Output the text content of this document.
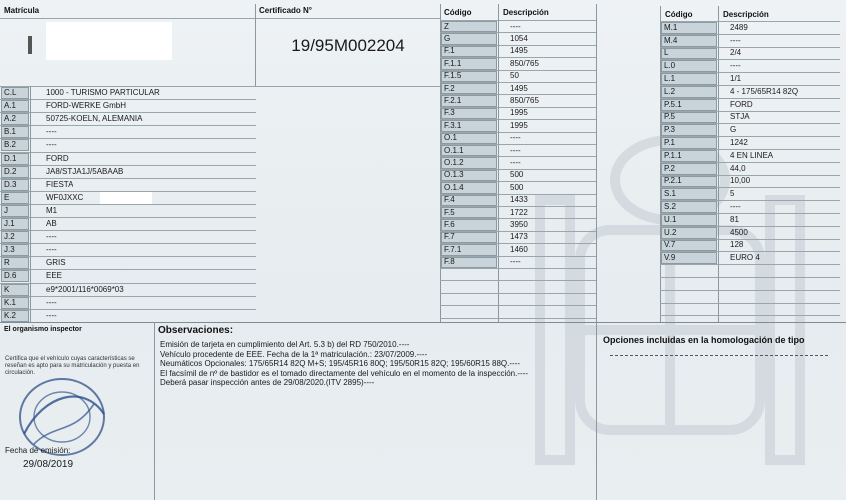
Matrícula	Certificado N°
19/95M002204
C.L	1000 - TURISMO PARTICULAR
A.1	FORD-WERKE GmbH
A.2	50725-KOELN, ALEMANIA
B.1	----
B.2	----
D.1	FORD
D.2	JA8/STJA1J/5ABAAB
D.3	FIESTA
E	WF0JXXC
J	M1
J.1	AB
J.2	----
J.3	----
R	GRIS
D.6	EEE
K	e9*2001/116*0069*03
K.1	----
K.2	----
Código	Descripción
Z	----
G	1054
F.1	1495
F.1.1	850/765
F.1.5	50
F.2	1495
F.2.1	850/765
F.3	1995
F.3.1	1995
O.1	----
O.1.1	----
O.1.2	----
O.1.3	500
O.1.4	500
F.4	1433
F.5	1722
F.6	3950
F.7	1473
F.7.1	1460
F.8	----
Código	Descripción
M.1	2489
M.4	----
L	2/4
L.0	----
L.1	1/1
L.2	4 - 175/65R14 82Q
P.5.1	FORD
P.5	STJA
P.3	G
P.1	1242
P.1.1	4 EN LINEA
P.2	44,0
P.2.1	10,00
S.1	5
S.2	----
U.1	81
U.2	4500
V.7	128
V.9	EURO 4
El organismo inspector
Certifica que el vehículo cuyas características se reseñan es apto para su matriculación y puesta en circulación.
Fecha de emisión:
29/08/2019
Observaciones:
Emisión de tarjeta en cumplimiento del Art. 5.3 b) del RD 750/2010.----
Vehículo procedente de EEE. Fecha de la 1ª matriculación.: 23/07/2009.----
Neumáticos Opcionales: 175/65R14 82Q M+S; 195/45R16 80Q; 195/50R15 82Q; 195/60R15 88Q.----
El facsímil de nº de bastidor es el tomado directamente del vehículo en el momento de la inspección.----
Deberá pasar inspección antes de 29/08/2020.(ITV 2895)----
Opciones incluidas en la homologación de tipo
